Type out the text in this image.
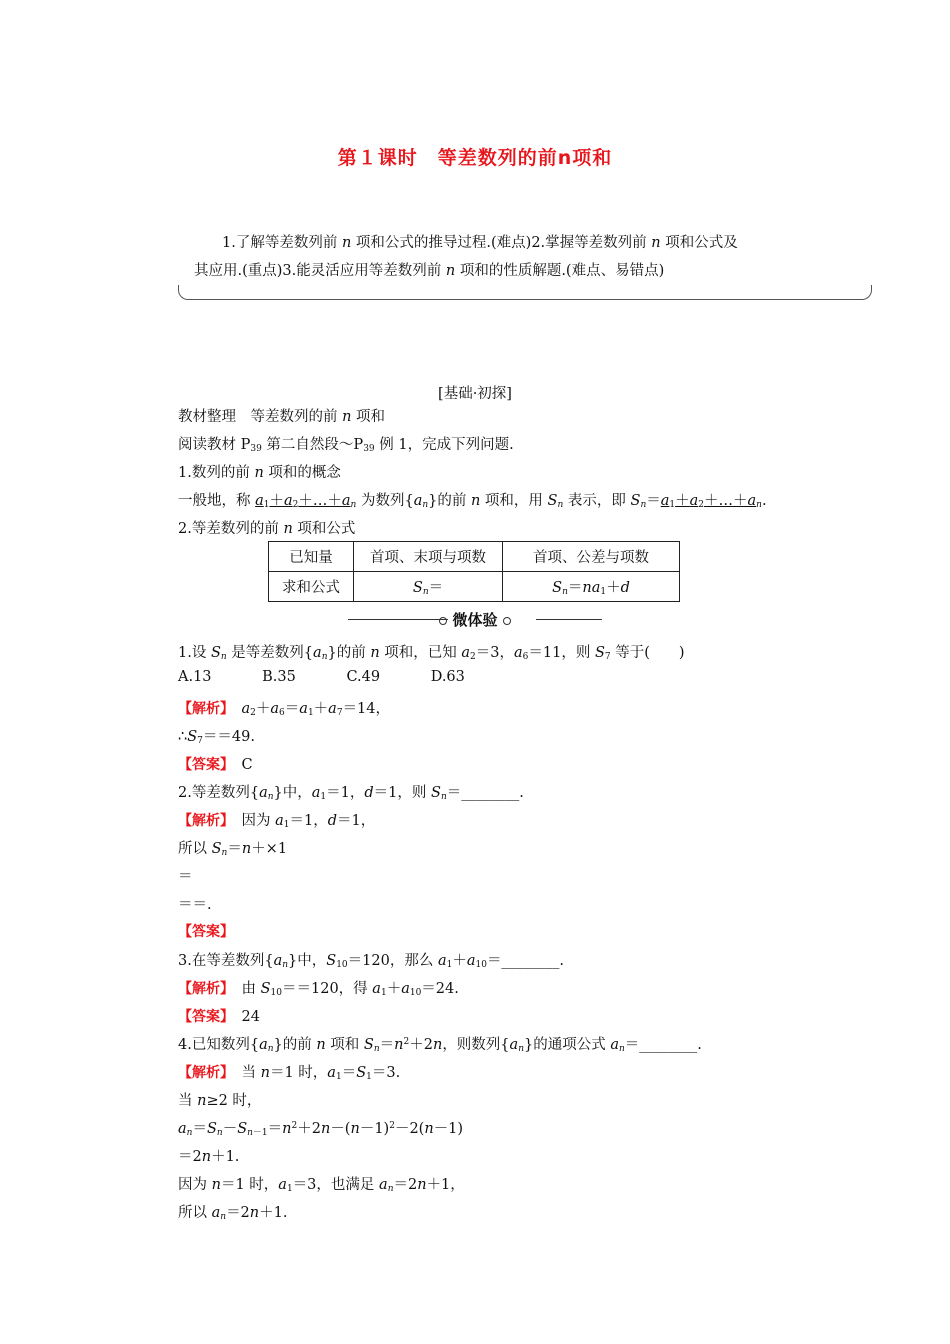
第１课时　等差数列的前n项和
1.了解等差数列前 n 项和公式的推导过程.(难点)2.掌握等差数列前 n 项和公式及
其应用.(重点)3.能灵活应用等差数列前 n 项和的性质解题.(难点、易错点)
[基础·初探]
教材整理　等差数列的前 n 项和
阅读教材 $P_{39}$ 第二自然段$\sim P_{39}$ 例 1，完成下列问题.
1.数列的前 n 项和的概念
一般地，称 $a_1+a_2+\dots+a_n$ 为数列$\{a_n\}$的前 n 项和，用 $S_n$ 表示，即 $S_n=a_1+a_2+\dots+a_n$.
2.等差数列的前 n 项和公式
已知量	首项、末项与项数	首项、公差与项数
求和公式	$S_n=$	$S_n=na_1+d$
微体验
1.设 $S_n$ 是等差数列$\{a_n\}$的前 n 项和，已知 $a_2=3$，$a_6=11$，则 $S_7$ 等于(　　)
A.13	B.35	C.49	D.63
【解析】　 $a_2+a_6=a_1+a_7=14$，
$\therefore S_7==49$.
【答案】　 C
2.等差数列$\{a_n\}$中，$a_1=1$，d＝1，则 $S_n=\_\_\_\_\_\_\_\_$.
【解析】　因为 $a_1=1$，d＝1，
所以 $S_n=n+\times 1$
＝
＝＝.
【答案】
3.在等差数列$\{a_n\}$中，$S_{10}=120$，那么 $a_1+a_{10}=\_\_\_\_\_\_\_\_$.
【解析】　由 $S_{10}==120$，得 $a_1+a_{10}=24$.
【答案】　 24
4.已知数列$\{a_n\}$的前 n 项和 $S_n=n^2+2n$，则数列$\{a_n\}$的通项公式 $a_n=\_\_\_\_\_\_\_\_$.
【解析】　当 n＝1 时，$a_1=S_1=3$.
当 n≥2 时，
$a_n=S_n-S_{n-1}=n^2+2n-(n-1)^2-2(n-1)$
＝2n＋1.
因为 n＝1 时，$a_1=3$，也满足 $a_n=2n+1$，
所以 $a_n=2n+1$.
